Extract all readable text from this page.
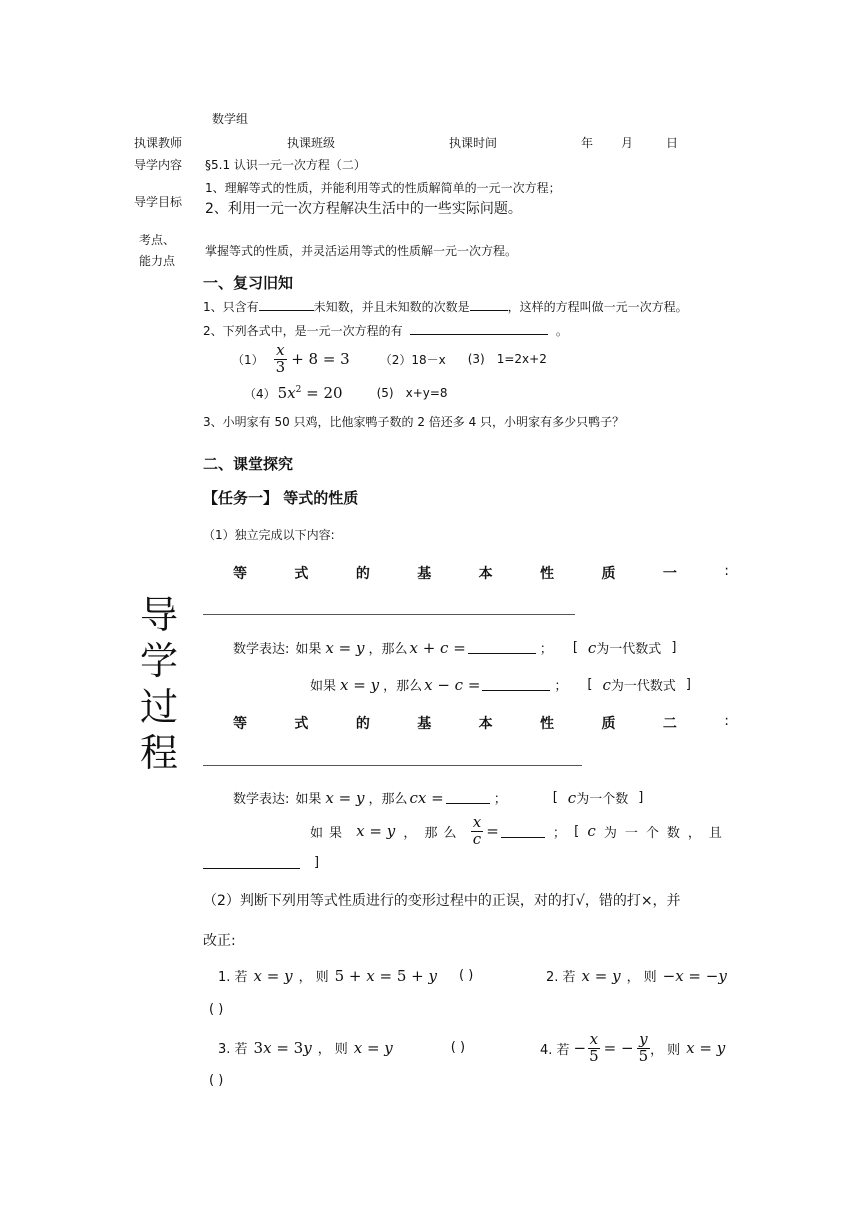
数学组
执课教师	执课班级	执课时间	年 月	日
导学内容 §5.1 认识一元一次方程（二）
1、理解等式的性质，并能利用等式的性质解简单的一元一次方程；
导学目标 2、利用一元一次方程解决生活中的一些实际问题。
考点、
能力点
掌握等式的性质，并灵活运用等式的性质解一元一次方程。
一、复习旧知
1、只含有	未知数，并且未知数的次数是	，这样的方程叫做一元一次方程。
2、下列各式中，是一元一次方程的有	。
$(1) \frac{x}{3} + 8 = 3$	（2）18－x (3) 1=2x+2
（4） $5x^2 = 20$	(5) x+y=8
3、小明家有 50 只鸡，比他家鸭子数的 2 倍还多 4 只，小明家有多少只鸭子？
二、课堂探究
【任务一】 等式的性质
（1）独立完成以下内容:
等	式	的	基	本	性	质	一	:
数学表达: 如果 x = y ， 那么 x + c =	； [ c 为一代数式 ]
如果 x = y ， 那么 x − c =	； [ c 为一代数式 ]
等	式	的	基	本	性	质	二	:
数学表达: 如果 x = y ， 那么 cx =	；	[ c 为一个数 ]
如果 x = y ， 那么 $\frac{x}{c}$ =	； [ c 为一个数，且
]
（2）判断下列用等式性质进行的变形过程中的正误，对的打√，错的打×，并
改正:
1. 若 x = y ， 则 5 + x = 5 + y ( )	2. 若 x = y ， 则 −x = −y
( )
3. 若 3x = 3y ， 则 x = y	( )	4. 若 − $\frac{x}{5}$ = − $\frac{y}{5}$ ， 则 x = y
( )
导
学
过
程
